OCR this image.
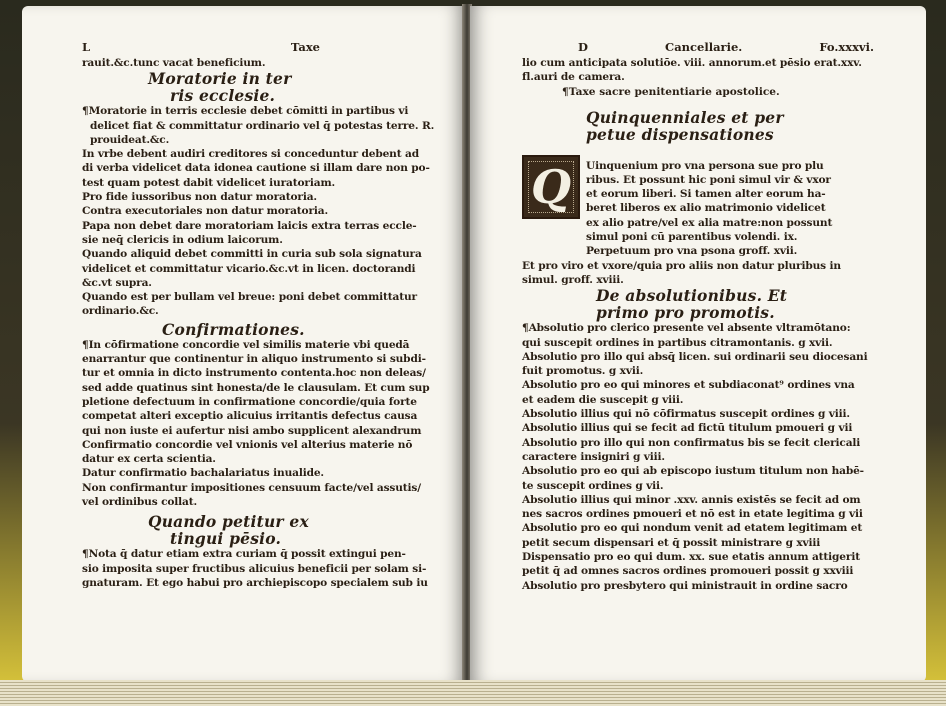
L	Taxe
rauit.&c.tunc vacat beneficium.
Moratorie in ter
ris ecclesie.
¶Moratorie in terris ecclesie debet cōmitti in partibus vi
delicet fiat & committatur ordinario vel q̄ potestas terre. R.
prouideat.&c.
In vrbe debent audiri creditores si conceduntur debent ad
di verba videlicet data idonea cautione si illam dare non po-
test quam potest dabit videlicet iuratoriam.
Pro fide iussoribus non datur moratoria.
Contra executoriales non datur moratoria.
Papa non debet dare moratoriam laicis extra terras eccle-
sie neq̄ clericis in odium laicorum.
Quando aliquid debet committi in curia sub sola signatura
videlicet et committatur vicario.&c.vt in licen. doctorandi
&c.vt supra.
Quando est per bullam vel breue: poni debet committatur
ordinario.&c.
Confirmationes.
¶In cōfirmatione concordie vel similis materie vbi quedā
enarrantur que continentur in aliquo instrumento si subdi-
tur et omnia in dicto instrumento contenta.hoc non deleas/
sed adde quatinus sint honesta/de le clausulam. Et cum sup
pletione defectuum in confirmatione concordie/quia forte
competat alteri exceptio alicuius irritantis defectus causa
qui non iuste ei aufertur nisi ambo supplicent alexandrum
Confirmatio concordie vel vnionis vel alterius materie nō
datur ex certa scientia.
Datur confirmatio bachalariatus inualide.
Non confirmantur impositiones censuum facte/vel assutis/
vel ordinibus collat.
Quando petitur ex
tingui pēsio.
¶Nota q̄ datur etiam extra curiam q̄ possit extingui pen-
sio imposita super fructibus alicuius beneficii per solam si-
gnaturam. Et ego habui pro archiepiscopo specialem sub iu
D	Cancellarie.	Fo.xxxvi.
lio cum anticipata solutiōe. viii. annorum.et pēsio erat.xxv.
fl.auri de camera.
¶Taxe sacre penitentiarie apostolice.
Quinquenniales et per
petue dispensationes
Q	Uinquenium pro vna persona sue pro plu
ribus. Et possunt hic poni simul vir & vxor
et eorum liberi. Si tamen alter eorum ha-
beret liberos ex alio matrimonio videlicet
ex alio patre/vel ex alia matre:non possunt
simul poni cū parentibus volendi. ix.
Perpetuum pro vna psona groff. xvii.
Et pro viro et vxore/quia pro aliis non datur pluribus in
simul. groff. xviii.
De absolutionibus. Et
primo pro promotis.
¶Absolutio pro clerico presente vel absente vltramōtano:
qui suscepit ordines in partibus citramontanis. g xvii.
Absolutio pro illo qui absq̄ licen. sui ordinarii seu diocesani
fuit promotus. g xvii.
Absolutio pro eo qui minores et subdiaconat⁹ ordines vna
et eadem die suscepit g viii.
Absolutio illius qui nō cōfirmatus suscepit ordines g viii.
Absolutio illius qui se fecit ad fictū titulum pmoueri g vii
Absolutio pro illo qui non confirmatus bis se fecit clericali
caractere insigniri g viii.
Absolutio pro eo qui ab episcopo iustum titulum non habē-
te suscepit ordines g vii.
Absolutio illius qui minor .xxv. annis existēs se fecit ad om
nes sacros ordines pmoueri et nō est in etate legitima g vii
Absolutio pro eo qui nondum venit ad etatem legitimam et
petit secum dispensari et q̄ possit ministrare g xviii
Dispensatio pro eo qui dum. xx. sue etatis annum attigerit
petit q̄ ad omnes sacros ordines promoueri possit g xxviii
Absolutio pro presbytero qui ministrauit in ordine sacro
